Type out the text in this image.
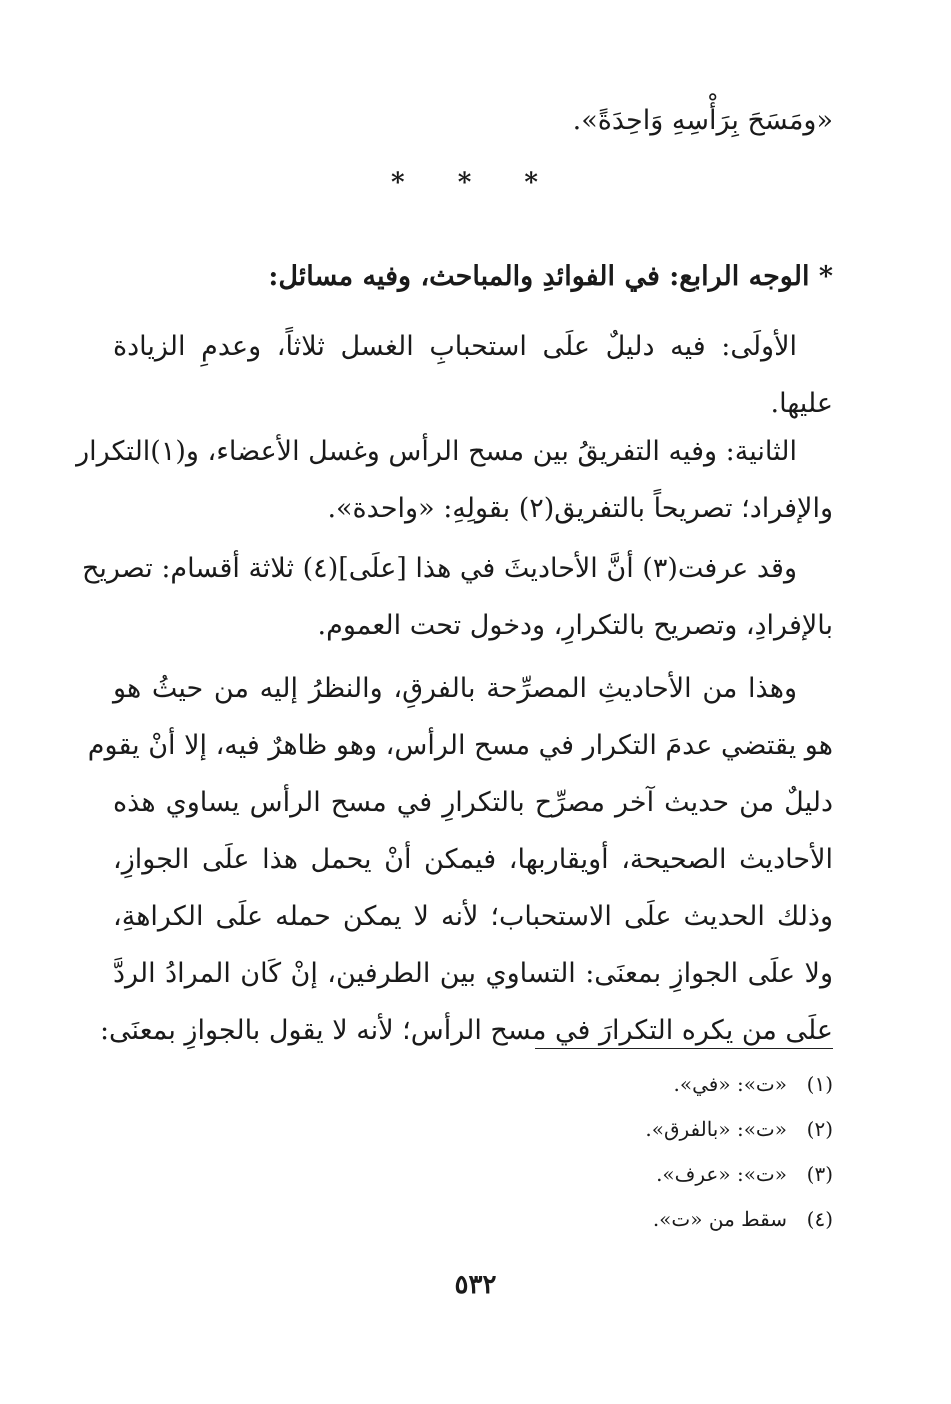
«ومَسَحَ بِرَأْسِهِ وَاحِدَةً».
* * *
* الوجه الرابع: في الفوائدِ والمباحث، وفيه مسائل:
الأولَى: فيه دليلٌ علَى استحبابِ الغسل ثلاثاً، وعدمِ الزيادة
عليها.
الثانية: وفيه التفريقُ بين مسح الرأس وغسل الأعضاء، و(١)التكرار
والإفراد؛ تصريحاً بالتفريق(٢) بقولِهِ: «واحدة».
وقد عرفت(٣) أنَّ الأحاديثَ في هذا [علَى](٤) ثلاثة أقسام: تصريح
بالإفرادِ، وتصريح بالتكرارِ، ودخول تحت العموم.
وهذا من الأحاديثِ المصرِّحة بالفرقِ، والنظرُ إليه من حيثُ هو
هو يقتضي عدمَ التكرار في مسح الرأس، وهو ظاهرٌ فيه، إلا أنْ يقوم
دليلٌ من حديث آخر مصرِّح بالتكرارِ في مسح الرأس يساوي هذه
الأحاديث الصحيحة، أويقاربها، فيمكن أنْ يحمل هذا علَى الجوازِ،
وذلك الحديث علَى الاستحباب؛ لأنه لا يمكن حمله علَى الكراهةِ،
ولا علَى الجوازِ بمعنَى: التساوي بين الطرفين، إنْ كَان المرادُ الردَّ
علَى من يكره التكرارَ في مسح الرأس؛ لأنه لا يقول بالجوازِ بمعنَى:
(١)«ت»: «في».
(٢)«ت»: «بالفرق».
(٣)«ت»: «عرف».
(٤)سقط من «ت».
٥٣٢
